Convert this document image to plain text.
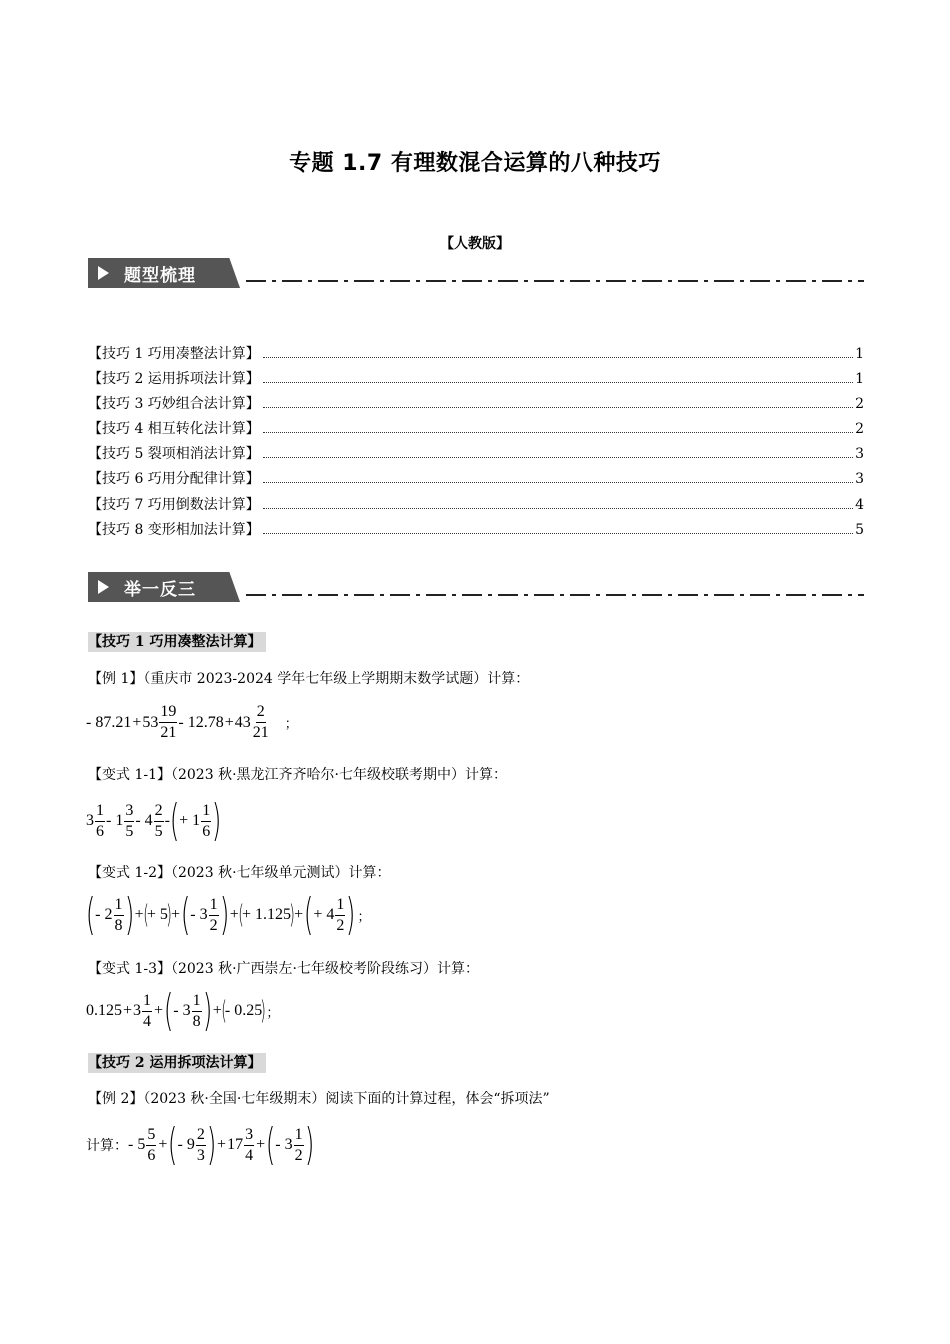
专题 1.7 有理数混合运算的八种技巧
【人教版】
题型梳理
【技巧 1 巧用凑整法计算】	1
【技巧 2 运用拆项法计算】	1
【技巧 3 巧妙组合法计算】	2
【技巧 4 相互转化法计算】	2
【技巧 5 裂项相消法计算】	3
【技巧 6 巧用分配律计算】	3
【技巧 7 巧用倒数法计算】	4
【技巧 8 变形相加法计算】	5
举一反三
【技巧 1 巧用凑整法计算】
【例 1】（重庆市 2023-2024 学年七年级上学期期末数学试题）计算：
- $87.21 + 53 \frac{19}{21} - 12.78 + 43 \frac{2}{21}$ ；
【变式 1-1】（2023 秋·黑龙江齐齐哈尔·七年级校联考期中）计算：
$3 \frac{1}{6} - 1 \frac{3}{5} - 4 \frac{2}{5}$ - ( + $1 \frac{1}{6}$ )
【变式 1-2】（2023 秋·七年级单元测试）计算：
( - $2 \frac{1}{8}$ ) + (
+ 5
) + ( - $3 \frac{1}{2}$ ) + (
+ 1.125
) + ( + $4 \frac{1}{2}$ ) ；
【变式 1-3】（2023 秋·广西崇左·七年级校考阶段练习）计算：
$0.125 + 3 \frac{1}{4}$ + ( - $3 \frac{1}{8}$ ) + (
- 0.25
) ；
【技巧 2 运用拆项法计算】
【例 2】（2023 秋·全国·七年级期末）阅读下面的计算过程，体会“拆项法”
计算： - $5 \frac{5}{6}$ + ( - $9 \frac{2}{3}$ ) + $17 \frac{3}{4}$ + ( - $3 \frac{1}{2}$ )
